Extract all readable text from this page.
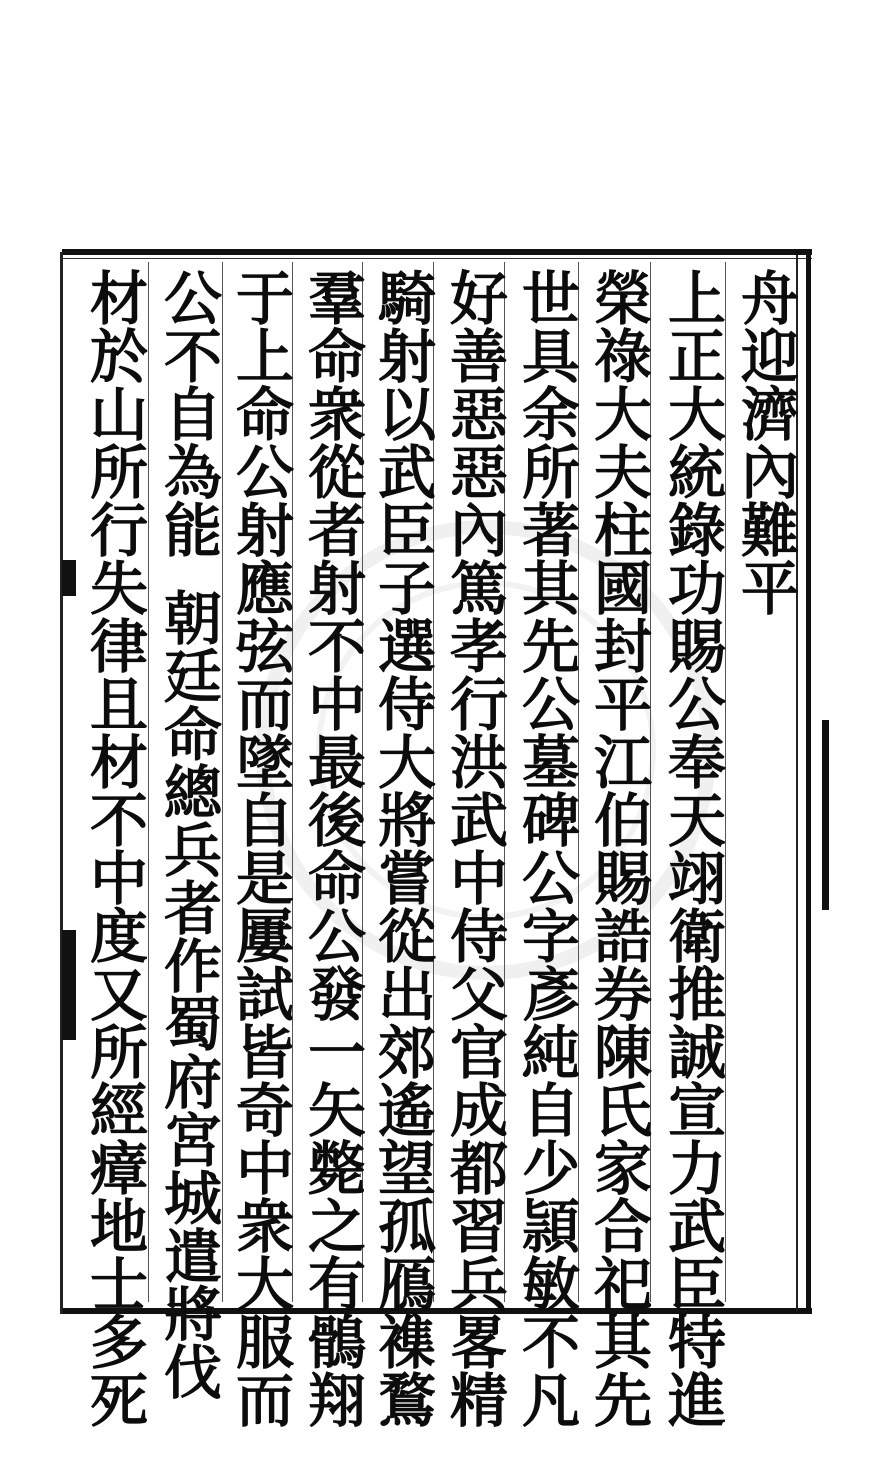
舟迎濟內難平
上正大統錄功賜公奉天翊衛推誠宣力武臣特進
榮祿大夫柱國封平江伯賜誥券陳氏家合祀其先
世具余所著其先公墓碑公字彥純自少頴敏不凡
好善惡惡內篤孝行洪武中侍父官成都習兵畧精
騎射以武臣子選侍大將嘗從出郊遙望孤鴈襍鶩
羣命衆從者射不中最後命公發一矢斃之有鶻翔
于上命公射應弦而墜自是屢試皆奇中衆大服而
公不自為能
朝廷命總兵者作蜀府宮城遣將伐
材於山所行失律且材不中度又所經瘴地士多死
